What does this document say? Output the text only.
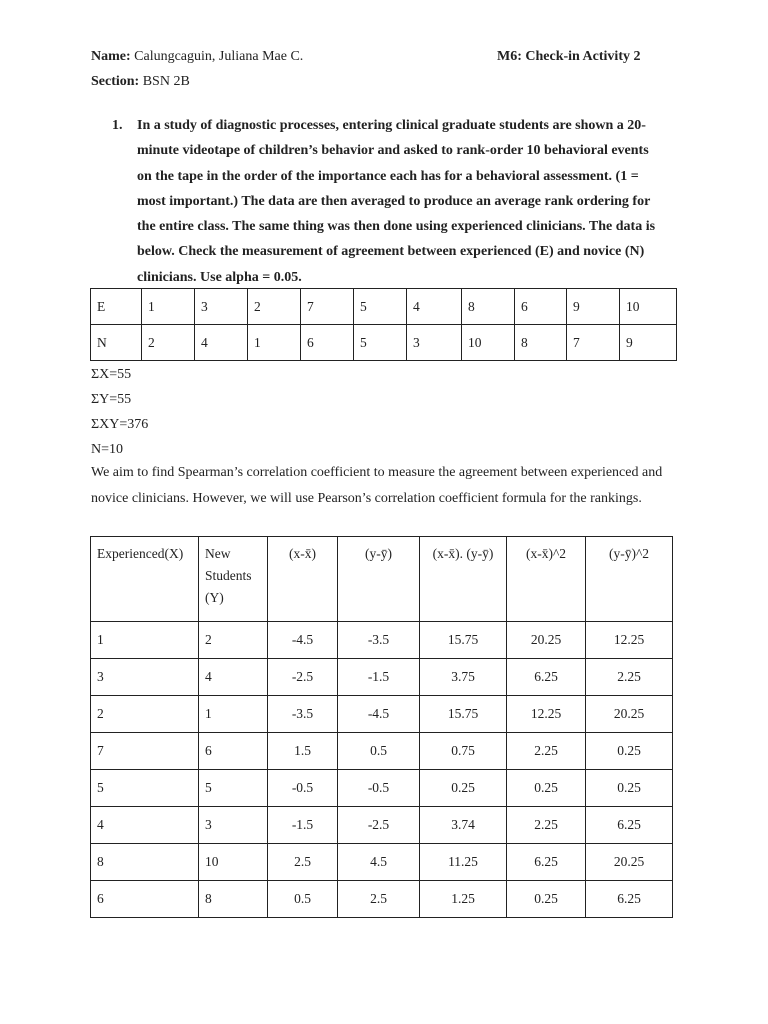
Name: Calungcaguin, Juliana Mae C.	M6: Check-in Activity 2
Section: BSN 2B
1. In a study of diagnostic processes, entering clinical graduate students are shown a 20-minute videotape of children’s behavior and asked to rank-order 10 behavioral events on the tape in the order of the importance each has for a behavioral assessment. (1 = most important.) The data are then averaged to produce an average rank ordering for the entire class. The same thing was then done using experienced clinicians. The data is below. Check the measurement of agreement between experienced (E) and novice (N) clinicians. Use alpha = 0.05.
E	1	3	2	7	5	4	8	6	9	10
N	2	4	1	6	5	3	10	8	7	9
ΣX=55
ΣY=55
ΣXY=376
N=10
We aim to find Spearman’s correlation coefficient to measure the agreement between experienced and novice clinicians. However, we will use Pearson’s correlation coefficient formula for the rankings.
Experienced(X)	New Students (Y)	(x-x̄)	(y-ȳ)	(x-x̄). (y-ȳ)	(x-x̄)^2	(y-ȳ)^2
1	2	-4.5	-3.5	15.75	20.25	12.25
3	4	-2.5	-1.5	3.75	6.25	2.25
2	1	-3.5	-4.5	15.75	12.25	20.25
7	6	1.5	0.5	0.75	2.25	0.25
5	5	-0.5	-0.5	0.25	0.25	0.25
4	3	-1.5	-2.5	3.74	2.25	6.25
8	10	2.5	4.5	11.25	6.25	20.25
6	8	0.5	2.5	1.25	0.25	6.25
